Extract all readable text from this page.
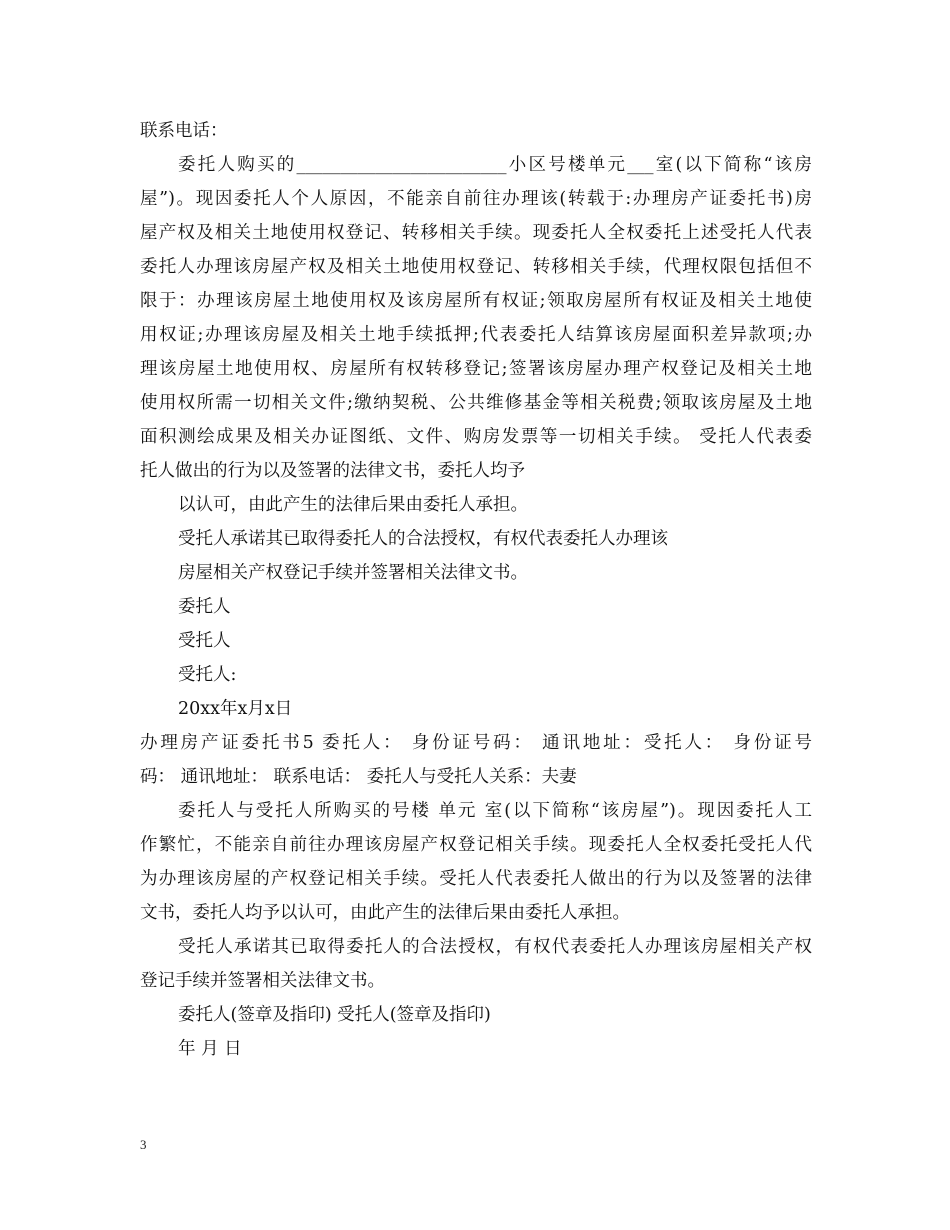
联系电话：
委托人购买的________________________小区号楼单元___室(以下简称“该房
屋”)。现因委托人个人原因，不能亲自前往办理该(转载于:办理房产证委托书)房
屋产权及相关土地使用权登记、转移相关手续。现委托人全权委托上述受托人代表
委托人办理该房屋产权及相关土地使用权登记、转移相关手续，代理权限包括但不
限于：办理该房屋土地使用权及该房屋所有权证;领取房屋所有权证及相关土地使
用权证;办理该房屋及相关土地手续抵押;代表委托人结算该房屋面积差异款项;办
理该房屋土地使用权、房屋所有权转移登记;签署该房屋办理产权登记及相关土地
使用权所需一切相关文件;缴纳契税、公共维修基金等相关税费;领取该房屋及土地
面积测绘成果及相关办证图纸、文件、购房发票等一切相关手续。 受托人代表委
托人做出的行为以及签署的法律文书，委托人均予
以认可，由此产生的法律后果由委托人承担。
受托人承诺其已取得委托人的合法授权，有权代表委托人办理该
房屋相关产权登记手续并签署相关法律文书。
委托人
受托人
受托人:
20xx年x月x日
办理房产证委托书5 委托人： 身份证号码： 通讯地址：受托人： 身份证号
码： 通讯地址： 联系电话： 委托人与受托人关系：夫妻
委托人与受托人所购买的号楼 单元 室(以下简称“该房屋”)。现因委托人工
作繁忙，不能亲自前往办理该房屋产权登记相关手续。现委托人全权委托受托人代
为办理该房屋的产权登记相关手续。受托人代表委托人做出的行为以及签署的法律
文书，委托人均予以认可，由此产生的法律后果由委托人承担。
受托人承诺其已取得委托人的合法授权，有权代表委托人办理该房屋相关产权
登记手续并签署相关法律文书。
委托人(签章及指印) 受托人(签章及指印)
年 月 日
3
